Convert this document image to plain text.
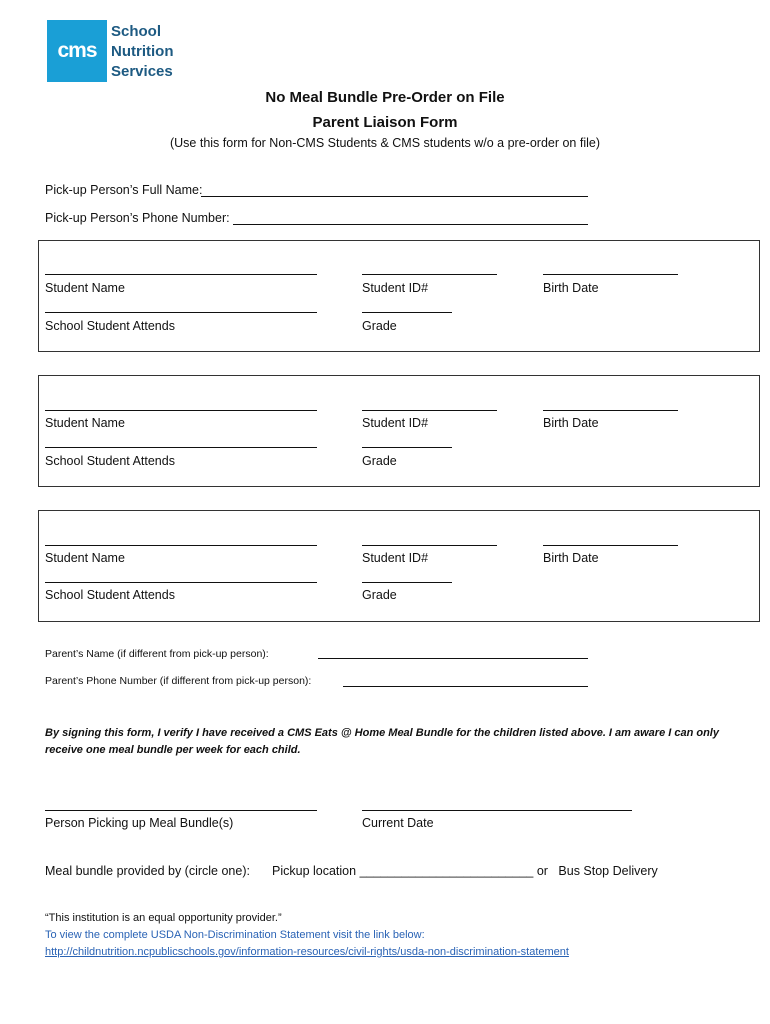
cms
School
Nutrition
Services
No Meal Bundle Pre-Order on File
Parent Liaison Form
(Use this form for Non-CMS Students & CMS students w/o a pre-order on file)
Pick-up Person’s Full Name:
Pick-up Person’s Phone Number:
Student Name	Student ID#	Birth Date
School Student Attends	Grade
Student Name	Student ID#	Birth Date
School Student Attends	Grade
Student Name	Student ID#	Birth Date
School Student Attends	Grade
Parent’s Name (if different from pick-up person):
Parent’s Phone Number (if different from pick-up person):
By signing this form, I verify I have received a CMS Eats @ Home Meal Bundle for the children listed above. I am aware I can only receive one meal bundle per week for each child.
Person Picking up Meal Bundle(s)	Current Date
Meal bundle provided by (circle one): Pickup location _________________________ or Bus Stop Delivery
“This institution is an equal opportunity provider.”
To view the complete USDA Non-Discrimination Statement visit the link below:
http://childnutrition.ncpublicschools.gov/information-resources/civil-rights/usda-non-discrimination-statement
